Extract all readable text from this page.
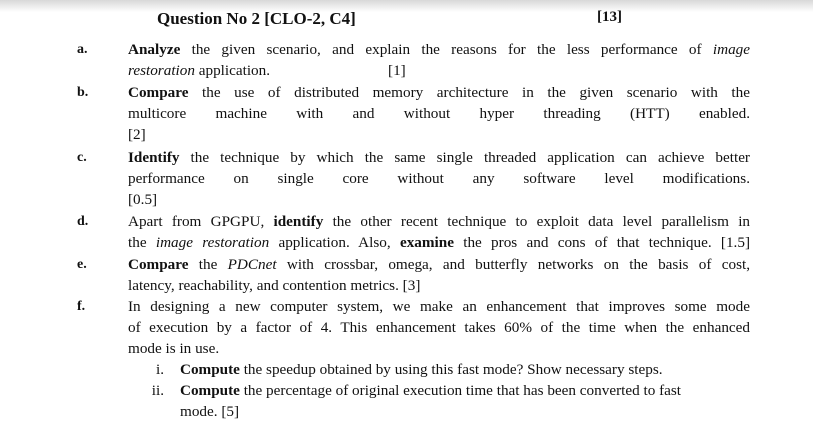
Question No 2 [CLO-2, C4]	[13]
a.	Analyze the given scenario, and explain the reasons for the less performance of image
restoration application.	[1]
b.	Compare the use of distributed memory architecture in the given scenario with the
multicore machine with and without hyper threading (HTT) enabled.
[2]
c.	Identify the technique by which the same single threaded application can achieve better
performance on single core without any software level modifications.
[0.5]
d.	Apart from GPGPU, identify the other recent technique to exploit data level parallelism in
the image restoration application. Also, examine the pros and cons of that technique. [1.5]
e.	Compare the PDCnet with crossbar, omega, and butterfly networks on the basis of cost,
latency, reachability, and contention metrics. [3]
f.	In designing a new computer system, we make an enhancement that improves some mode
of execution by a factor of 4. This enhancement takes 60% of the time when the enhanced
mode is in use.
i. Compute the speedup obtained by using this fast mode? Show necessary steps.
ii. Compute the percentage of original execution time that has been converted to fast
mode. [5]
